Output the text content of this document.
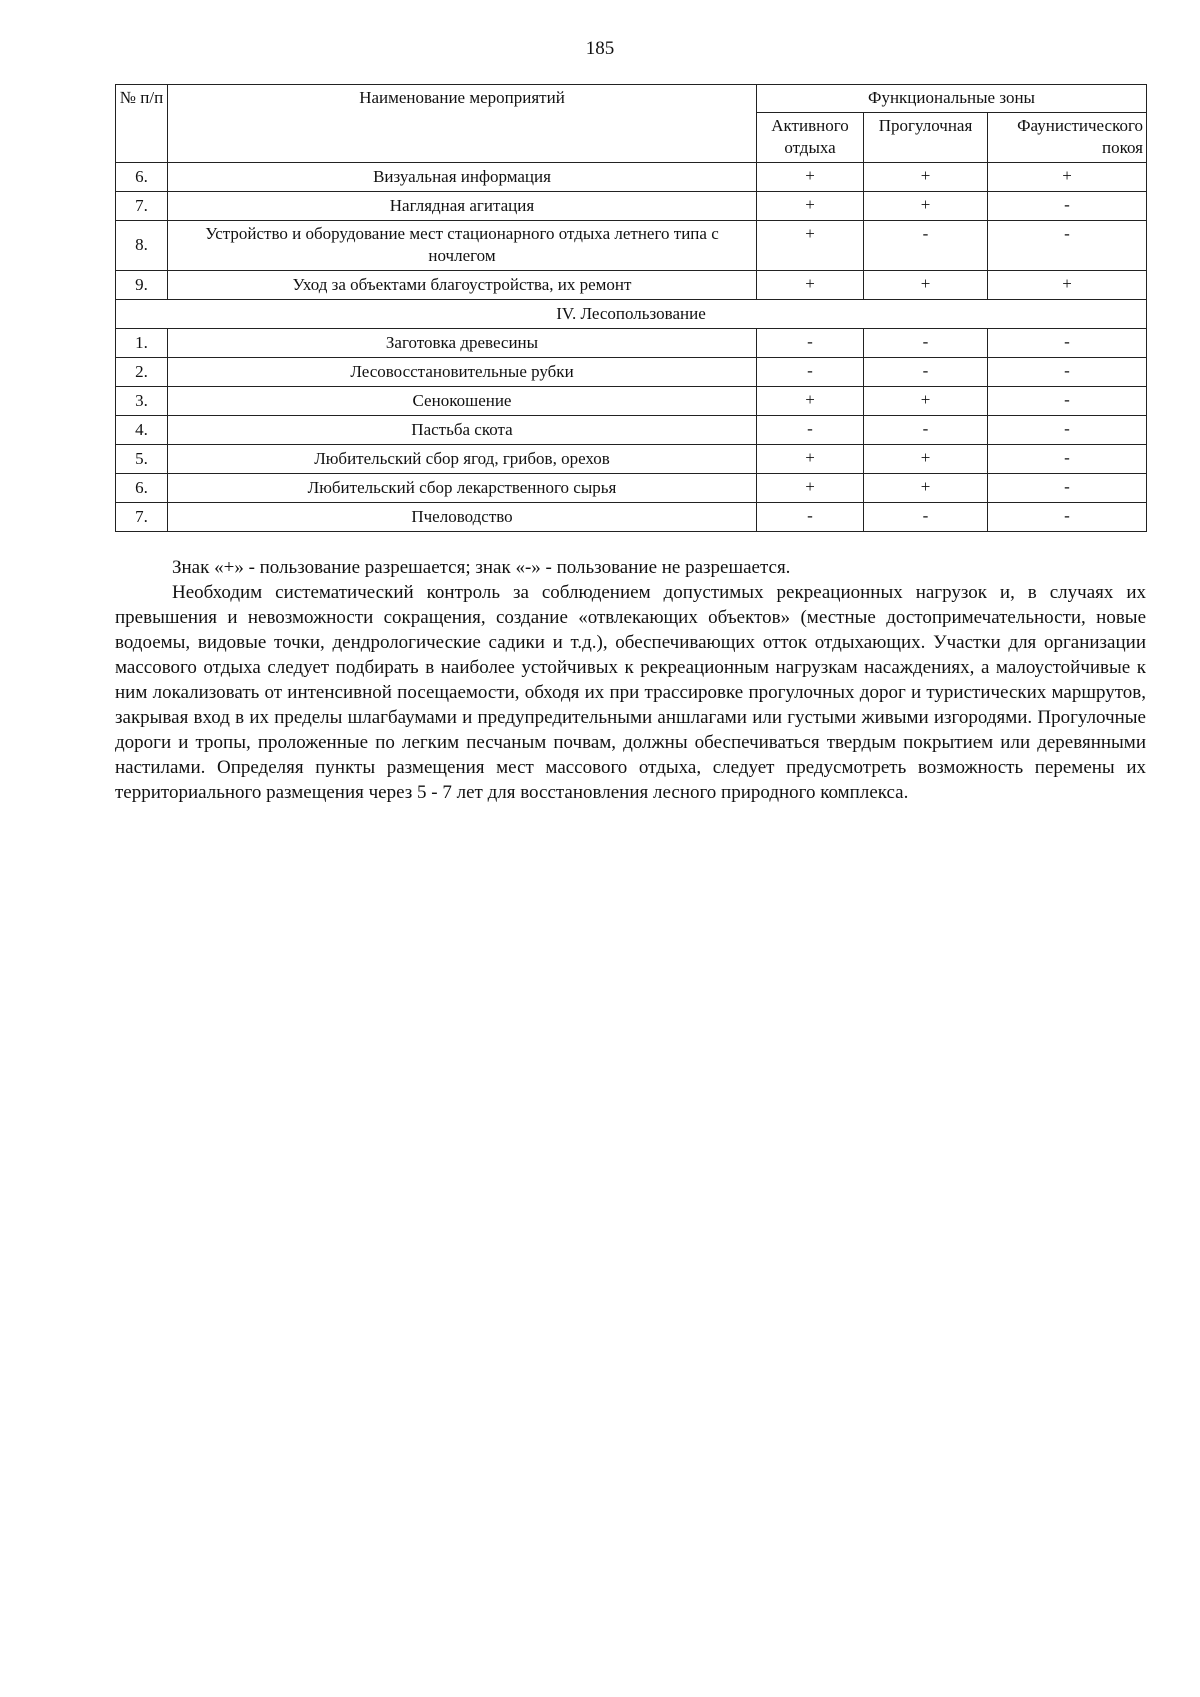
185
№ п/п	Наименование мероприятий	Функциональные зоны		
		Активного отдыха	Прогулочная	Фаунистического покоя
6.	Визуальная информация	+	+	+
7.	Наглядная агитация	+	+	-
8.	Устройство и оборудование мест стационарного отдыха летнего типа с ночлегом	+	-	-
9.	Уход за объектами благоустройства, их ремонт	+	+	+
IV. Лесопользование				
1.	Заготовка древесины	-	-	-
2.	Лесовосстановительные рубки	-	-	-
3.	Сенокошение	+	+	-
4.	Пастьба скота	-	-	-
5.	Любительский сбор ягод, грибов, орехов	+	+	-
6.	Любительский сбор лекарственного сырья	+	+	-
7.	Пчеловодство	-	-	-

Знак «+» - пользование разрешается; знак «-» - пользование не разрешается.

Необходим систематический контроль за соблюдением допустимых рекреационных нагрузок и, в случаях их превышения и невозможности сокращения, создание «отвлекающих объектов» (местные достопримечательности, новые водоемы, видовые точки, дендрологические садики и т.д.), обеспечивающих отток отдыхающих. Участки для организации массового отдыха следует подбирать в наиболее устойчивых к рекреационным нагрузкам насаждениях, а малоустойчивые к ним локализовать от интенсивной посещаемости, обходя их при трассировке прогулочных дорог и туристических маршрутов, закрывая вход в их пределы шлагбаумами и предупредительными аншлагами или густыми живыми изгородями. Прогулочные дороги и тропы, проложенные по легким песчаным почвам, должны обеспечиваться твердым покрытием или деревянными настилами. Определяя пункты размещения мест массового отдыха, следует предусмотреть возможность перемены их территориального размещения через 5 - 7 лет для восстановления лесного природного комплекса.
